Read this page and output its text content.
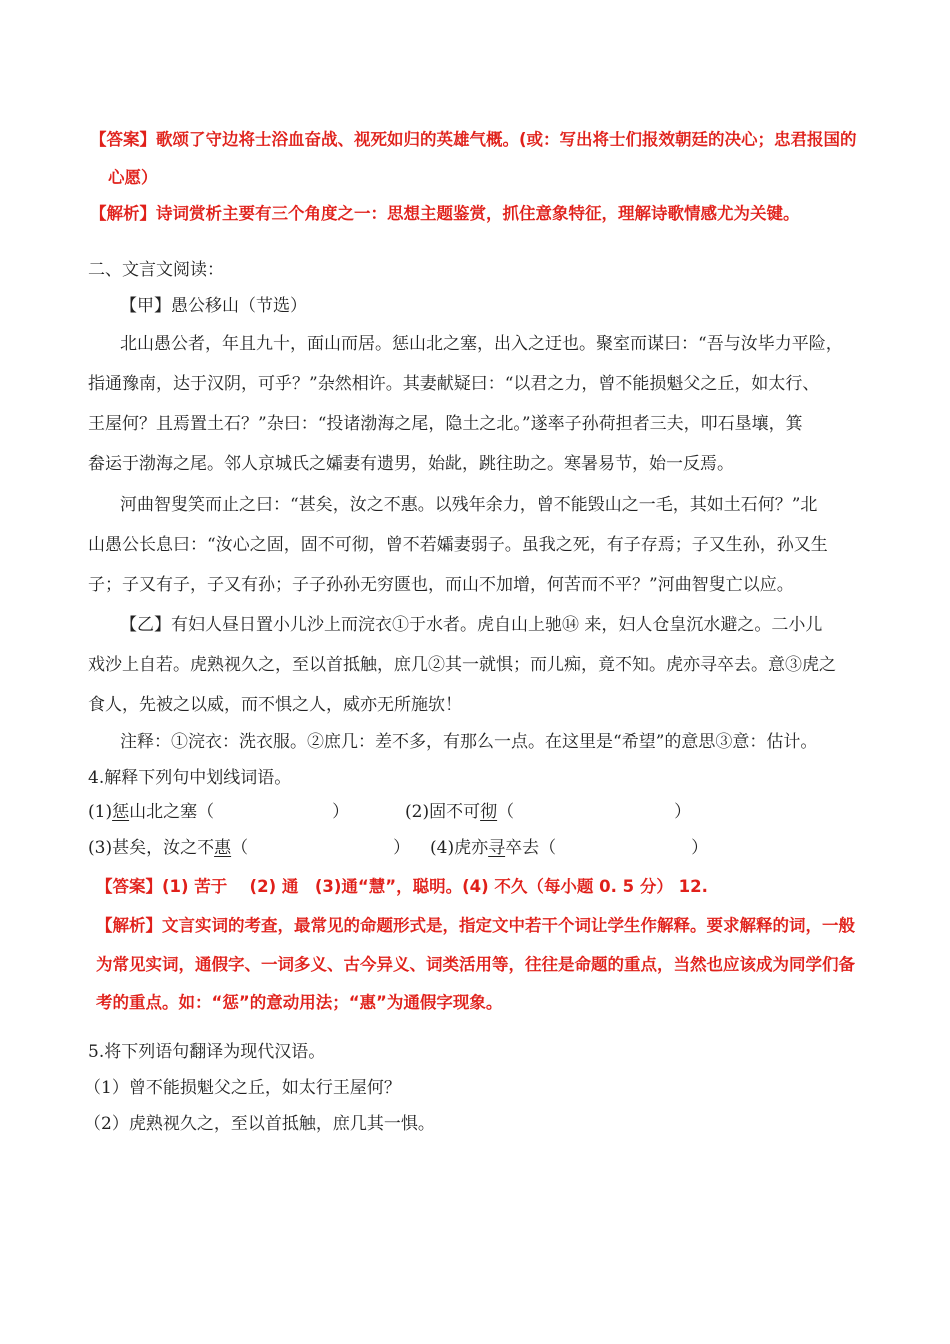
【答案】歌颂了守边将士浴血奋战、视死如归的英雄气概。(或：写出将士们报效朝廷的决心；忠君报国的
心愿）
【解析】诗词赏析主要有三个角度之一：思想主题鉴赏，抓住意象特征，理解诗歌情感尤为关键。
二、文言文阅读：
【甲】愚公移山（节选）
北山愚公者，年且九十，面山而居。惩山北之塞，出入之迂也。聚室而谋曰：“吾与汝毕力平险，
指通豫南，达于汉阴，可乎？”杂然相许。其妻献疑曰：“以君之力，曾不能损魁父之丘，如太行、
王屋何？且焉置土石？”杂曰：“投诸渤海之尾，隐土之北。”遂率子孙荷担者三夫，叩石垦壤，箕
畚运于渤海之尾。邻人京城氏之孀妻有遗男，始龀，跳往助之。寒暑易节，始一反焉。
河曲智叟笑而止之曰：“甚矣，汝之不惠。以残年余力，曾不能毁山之一毛，其如土石何？”北
山愚公长息曰：“汝心之固，固不可彻，曾不若孀妻弱子。虽我之死，有子存焉；子又生孙，孙又生
子；子又有子，子又有孙；子子孙孙无穷匮也，而山不加增，何苦而不平？”河曲智叟亡以应。
【乙】有妇人昼日置小儿沙上而浣衣①于水者。虎自山上驰⑭ 来，妇人仓皇沉水避之。二小儿
戏沙上自若。虎熟视久之，至以首抵触，庶几②其一就惧；而儿痴，竟不知。虎亦寻卒去。意③虎之
食人，先被之以威，而不惧之人，威亦无所施欤！
注释：①浣衣：洗衣服。②庶几：差不多，有那么一点。在这里是“希望”的意思③意：估计。
4.解释下列句中划线词语。
(1)惩山北之塞（	）	(2)固不可彻（	）
(3)甚矣，汝之不惠（	） (4)虎亦寻卒去（	）
【答案】(1) 苦于　 (2) 通　(3)通“慧”，聪明。(4) 不久（每小题 0. 5 分） 12.
【解析】文言实词的考查，最常见的命题形式是，指定文中若干个词让学生作解释。要求解释的词，一般
为常见实词，通假字、一词多义、古今异义、词类活用等，往往是命题的重点，当然也应该成为同学们备
考的重点。如：“惩”的意动用法；“惠”为通假字现象。
5.将下列语句翻译为现代汉语。
（1）曾不能损魁父之丘，如太行王屋何？
（2）虎熟视久之，至以首抵触，庶几其一惧。
